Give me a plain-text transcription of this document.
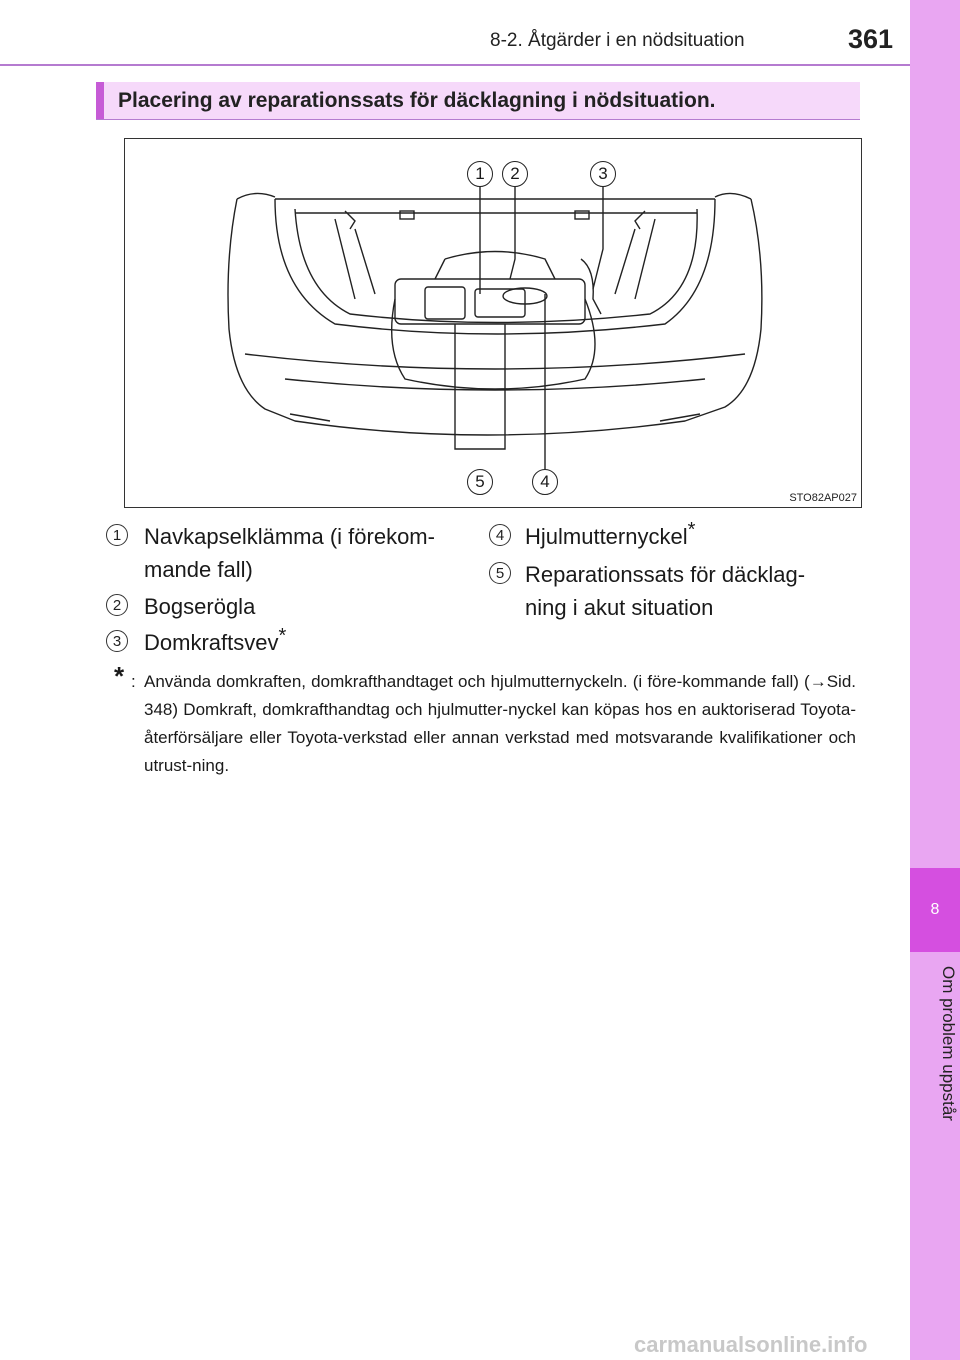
8-2. Åtgärder i en nödsituation	361
8
Om problem uppstår
Placering av reparationssats för däcklagning i nödsituation.
1	2	3
5	4
STO82AP027
1	Navkapselklämma (i förekom-mande fall)
2	Bogserögla
3	Domkraftsvev*
4 Hjulmutternyckel*
5 Reparationssats för däcklag-ning i akut situation
* : Använda domkraften, domkrafthandtaget och hjulmutternyckeln. (i före-kommande fall) (→Sid. 348) Domkraft, domkrafthandtag och hjulmutter-nyckel kan köpas hos en auktoriserad Toyota-återförsäljare eller Toyota-verkstad eller annan verkstad med motsvarande kvalifikationer och utrust-ning.
carmanualsonline.info
